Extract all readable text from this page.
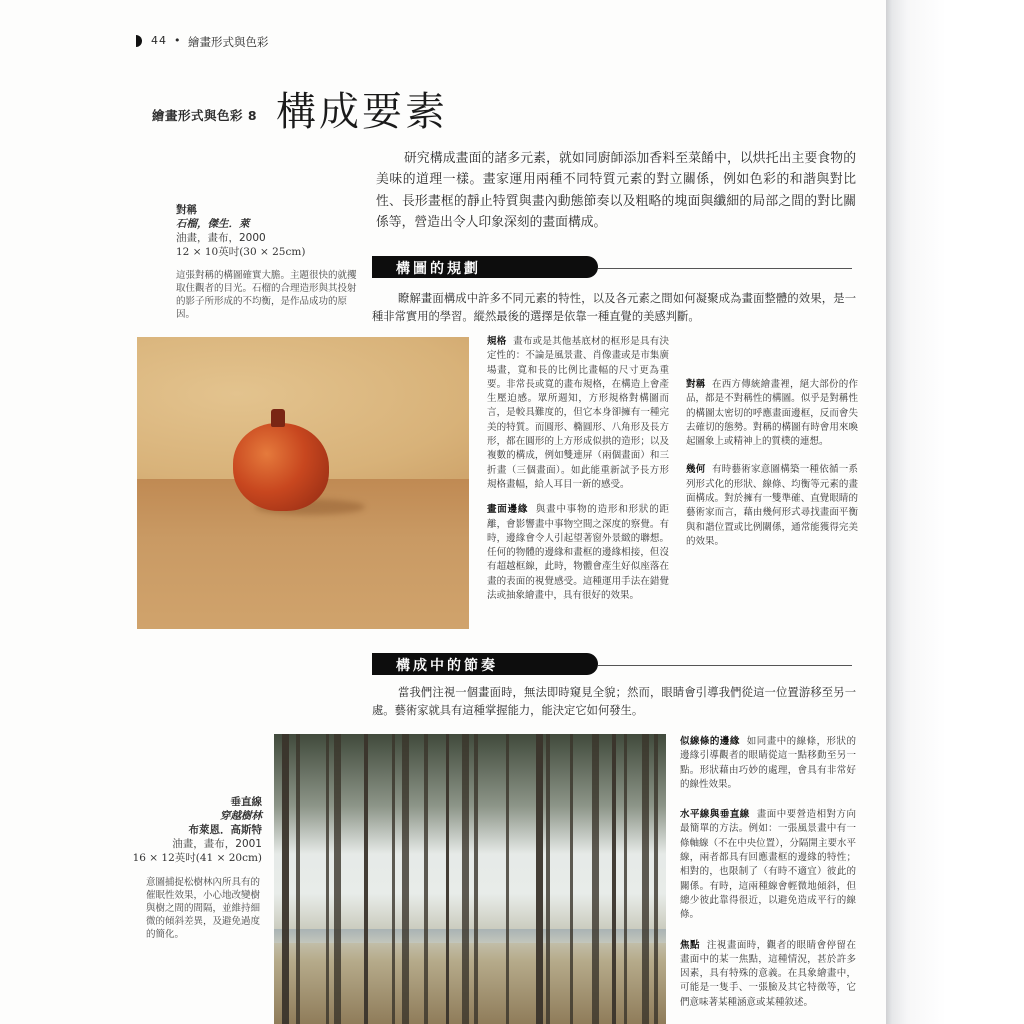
44 • 繪畫形式與色彩
繪畫形式與色彩 8 構成要素

研究構成畫面的諸多元素，就如同廚師添加香料至菜餚中，以烘托出主要食物的美味的道理一樣。畫家運用兩種不同特質元素的對立關係，例如色彩的和諧與對比性、長形畫框的靜止特質與畫內動態節奏以及粗略的塊面與纖細的局部之間的對比關係等，營造出令人印象深刻的畫面構成。

對稱
石榴，傑生．萊
油畫，畫布，2000
12 × 10英吋(30 × 25cm)
這張對稱的構圖確實大膽。主題很快的就攫取住觀者的目光。石榴的合理造形與其投射的影子所形成的不均衡，是作品成功的原因。
構圖的規劃

瞭解畫面構成中許多不同元素的特性，以及各元素之間如何凝聚成為畫面整體的效果，是一種非常實用的學習。縱然最後的選擇是依靠一種直覺的美感判斷。

規格 畫布或是其他基底材的框形是具有決定性的：不論是風景畫、肖像畫或是市集廣場畫，寬和長的比例比畫幅的尺寸更為重要。非常長或寬的畫布規格，在構造上會產生壓迫感。眾所週知，方形規格對構圖而言，是較具難度的，但它本身卻擁有一種完美的特質。而圓形、橢圓形、八角形及長方形，都在圓形的上方形成似拱的造形；以及複數的構成，例如雙連屏（兩個畫面）和三折畫（三個畫面）。如此能重新試予長方形規格畫幅，給人耳目一新的感受。

畫面邊緣 與畫中事物的造形和形狀的距離，會影響畫中事物空間之深度的察覺。有時，邊緣會令人引起望著窗外景緻的聯想。任何的物體的邊緣和畫框的邊緣相接，但沒有超越框線，此時，物體會產生好似座落在畫的表面的視覺感受。這種運用手法在錯覺法或抽象繪畫中，具有很好的效果。

對稱 在西方傳統繪畫裡，絕大部份的作品，都是不對稱性的構圖。似乎是對稱性的構圖太密切的呼應畫面邊框，反而會失去確切的態勢。對稱的構圖有時會用來喚起圖象上或精神上的質樸的連想。

幾何 有時藝術家意圖構築一種依循一系列形式化的形狀、線條、均衡等元素的畫面構成。對於擁有一雙準確、直覺眼睛的藝術家而言，藉由幾何形式尋找畫面平衡與和諧位置或比例關係，通常能獲得完美的效果。

構成中的節奏

當我們注視一個畫面時，無法即時窺見全貌；然而，眼睛會引導我們從這一位置游移至另一處。藝術家就具有這種掌握能力，能決定它如何發生。

垂直線
穿越樹林
布萊恩．高斯特
油畫，畫布，2001
16 × 12英吋(41 × 20cm)
意圖捕捉松樹林內所具有的催眠性效果，小心地改變樹與樹之間的間隔，並維持細微的傾斜差異，及避免過度的簡化。

似線條的邊緣 如同畫中的線條，形狀的邊緣引導觀者的眼睛從這一點移動至另一點。形狀藉由巧妙的處理，會具有非常好的線性效果。

水平線與垂直線 畫面中要營造相對方向最簡單的方法。例如：一張風景畫中有一條軸線（不在中央位置），分隔開主要水平線，兩者都具有回應畫框的邊緣的特性；相對的，也限制了（有時不適宜）彼此的關係。有時，這兩種線會輕微地傾斜，但總少彼此靠得很近，以避免造成平行的線條。

焦點 注視畫面時，觀者的眼睛會停留在畫面中的某一焦點，這種情況，甚於許多因素，具有特殊的意義。在具象繪畫中，可能是一隻手、一張臉及其它特徵等，它們意味著某種涵意或某種敘述。
